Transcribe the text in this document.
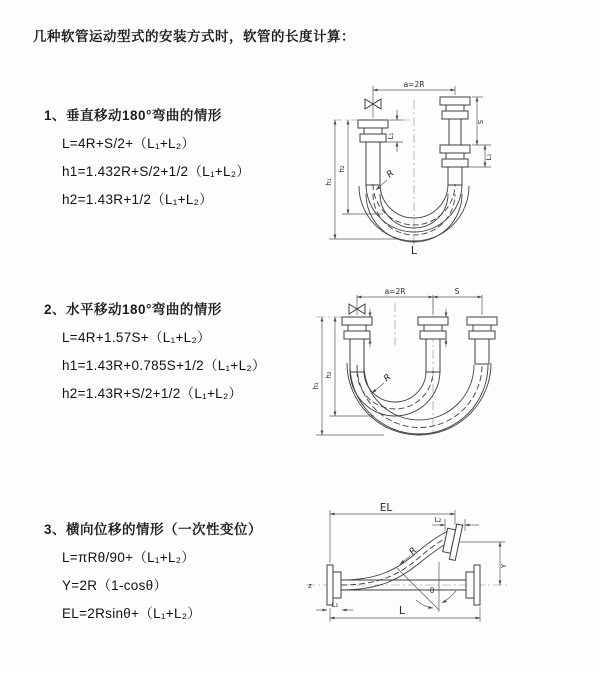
几种软管运动型式的安装方式时，软管的长度计算：
1、垂直移动180°弯曲的情形
L=4R+S/2+（L₁+L₂）
h1=1.432R+S/2+1/2（L₁+L₂）
h2=1.43R+1/2（L₁+L₂）
2、水平移动180°弯曲的情形
L=4R+1.57S+（L₁+L₂）
h1=1.43R+0.785S+1/2（L₁+L₂）
h2=1.43R+S/2+1/2（L₁+L₂）
3、横向位移的情形（一次性变位）
L=πRθ/90+（L₁+L₂）
Y=2R（1-cosθ）
EL=2Rsinθ+（L₁+L₂）
a=2R
L₁
h₁
h₂
S
L₁
R
L
a=2R	S
h₁
h₂	R
EL
L₂
Y
L
L₁
θ
R
z
